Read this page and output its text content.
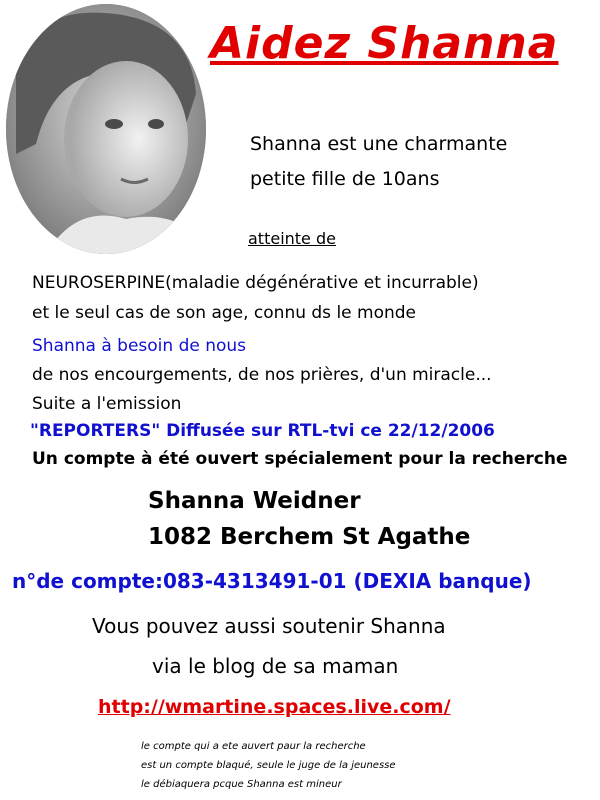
Aidez Shanna
Shanna est une charmante
petite fille de 10ans
atteinte de
NEUROSERPINE(maladie dégénérative et incurrable)
et le seul cas de son age, connu ds le monde
Shanna à besoin de nous
de nos encourgements, de nos prières, d'un miracle...
Suite a l'emission
"REPORTERS" Diffusée sur RTL-tvi ce 22/12/2006
Un compte à été ouvert spécialement pour la recherche
Shanna Weidner
1082 Berchem St Agathe
n°de compte:083-4313491-01 (DEXIA banque)
Vous pouvez aussi soutenir Shanna
via le blog de sa maman
http://wmartine.spaces.live.com/
le compte qui a ete auvert paur la recherche
est un compte blaqué, seule le juge de la jeunesse
le débiaquera pcque Shanna est mineur
